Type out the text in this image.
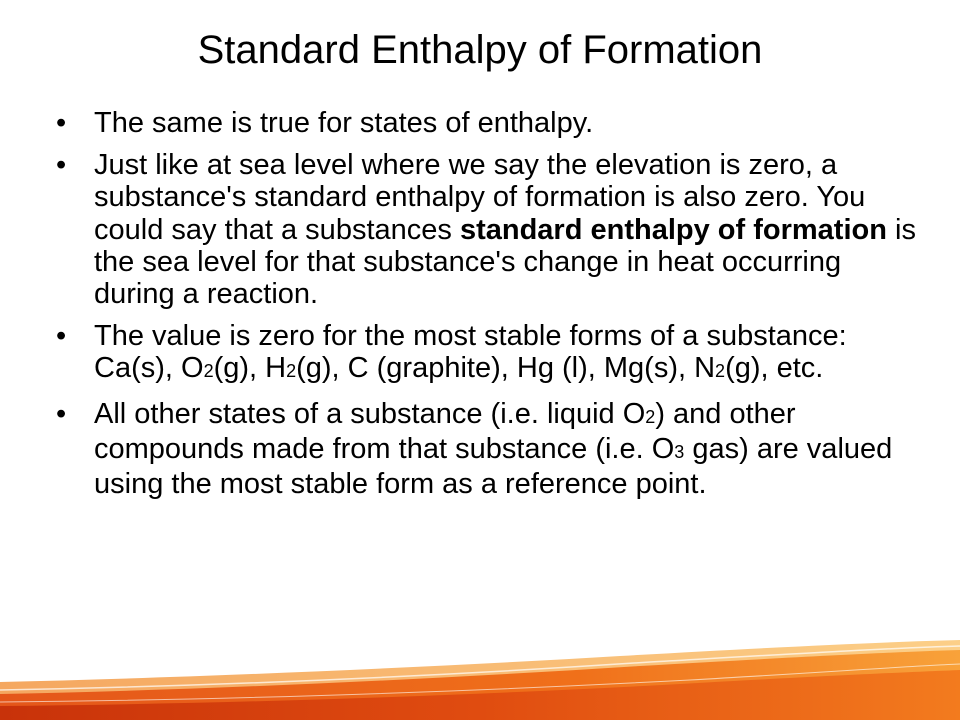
Standard Enthalpy of Formation
• The same is true for states of enthalpy.
• Just like at sea level where we say the elevation is zero, a substance's standard enthalpy of formation is also zero. You could say that a substances standard enthalpy of formation is the sea level for that substance's change in heat occurring during a reaction.
• The value is zero for the most stable forms of a substance: Ca(s), O2(g), H2(g), C (graphite), Hg (l), Mg(s), N2(g), etc.
• All other states of a substance (i.e. liquid O2) and other compounds made from that substance (i.e. O3 gas) are valued using the most stable form as a reference point.
